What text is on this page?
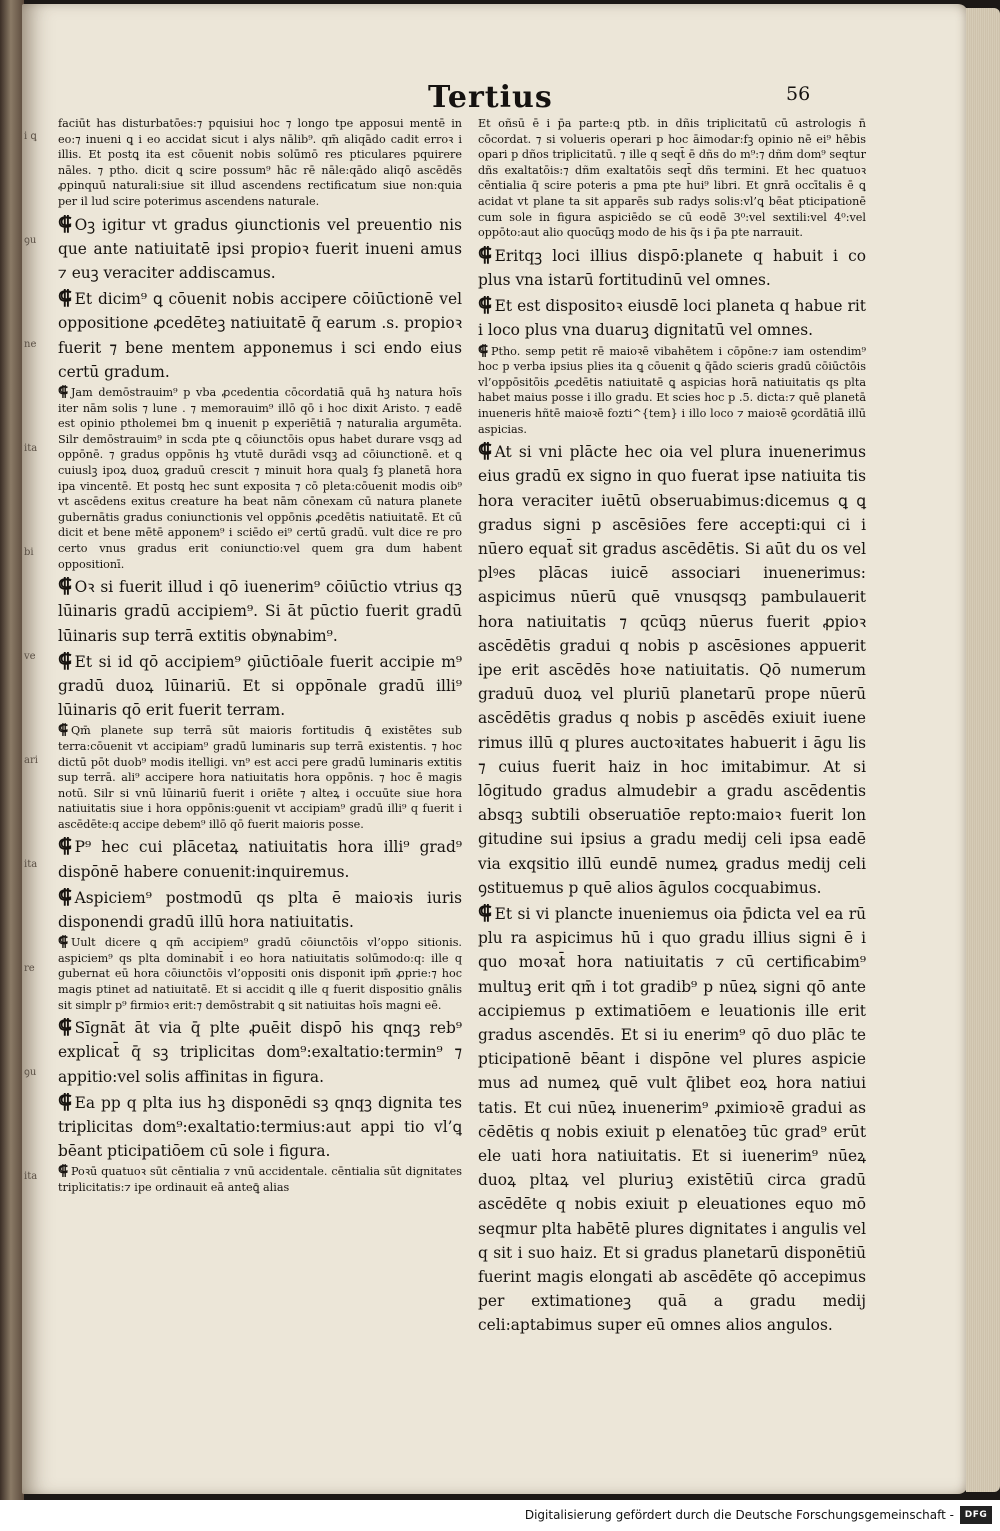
i ꝗ
ꝯu
ne
ita
bi
ve
ari
ita
re
ꝯu
ita
Tertius	56

faciūt has disturbatōes:⁊ pquisiui hoc ⁊ longo tpe apposui mentē in eo:⁊ inueni ꝗ i eo accidat sicut i alys nālib⁹. qm̄ aliqādo cadit erroꝛ i illis. Et postꝗ ita est cōuenit nobis solūmō res pticulares pquirere nāles. ⁊ ptho. dicit ꝗ scire possum⁹ hāc rē nāle:qādo aliqō ascēdēs ꝓpinquū naturali:siue sit illud ascendens rectificatum siue non:quia per il lud scire poterimus ascendens naturale.

⸿ Oꝫ igitur vt gradus ꝯiunctionis vel preuentio nis que ante natiuitatē ipsi propioꝛ fuerit inueni amus ⁊ euꝫ veraciter addiscamus.

⸿ Et dicim⁹ ꝗ cōuenit nobis accipere cōiūctionē vel oppositione ꝓcedēteꝫ natiuitatē q̄ earum .s. propioꝛ fuerit ⁊ bene mentem apponemus i sci endo eius certū gradum.

⸿ Jam demōstrauim⁹ p vba ꝓcedentia cōcordatiā quā hꝫ natura hoīs iter nām solis ⁊ lune . ⁊ memorauim⁹ illō qō i hoc dixit Aristo. ⁊ eadē est opinio ptholemei ƀm ꝗ inuenit p experiētiā ⁊ naturalia argumēta. Silr demōstrauim⁹ in scda pte ꝗ cōiunctōis opus habet durare vsqꝫ ad oppōnē. ⁊ gradus oppōnis hꝫ vtutē durādi vsqꝫ ad cōiunctionē. et ꝗ cuiuslꝫ ipoꝝ duoꝝ graduū crescit ⁊ minuit hora qualꝫ fꝫ planetā hora ipa vincentē. Et postꝗ hec sunt exposita ⁊ cō pleta:cōuenit modis oib⁹ vt ascēdens exitus creature ha beat nām cōnexam cū natura planete gubernātis gradus coniunctionis vel oppōnis ꝓcedētis natiuitatē. Et cū dicit et bene mētē apponem⁹ i sciēdo ei⁹ certū gradū. vult dice re pro certo vnus gradus erit coniunctio:vel quem gra dum habent oppositionī.

⸿ Oꝛ si fuerit illud i qō iuenerim⁹ cōiūctio vtrius qꝫ lūinaris gradū accipiem⁹. Si āt pūctio fuerit gradū lūinaris sup terrā extitis obꝟnabim⁹.

⸿ Et si id qō accipiem⁹ ꝯiūctiōale fuerit accipie m⁹ gradū duoꝝ lūinariū. Et si oppōnale gradū illi⁹ lūinaris qō erit fuerit terram.

⸿ Qm̄ planete sup terrā sūt maioris fortitudis ꝗ̄ existētes sub terra:cōuenit vt accipiam⁹ gradū luminaris sup terrā existentis. ⁊ hoc dictū pōt duob⁹ modis itelligi. vn⁹ est acci pere gradū luminaris extitis sup terrā. ali⁹ accipere hora natiuitatis hora oppōnis. ⁊ hoc ē magis notū. Silr si vnū lūinariū fuerit i oriēte ⁊ alteꝝ i occuūte siue hora natiuitatis siue i hora oppōnis:ꝯuenit vt accipiam⁹ gradū illi⁹ q fuerit i ascēdēte:q accipe debem⁹ illō qō fuerit maioris posse.

⸿ P⁹ hec cui plācetaꝝ natiuitatis hora illi⁹ grad⁹ dispōnē habere conuenit:inquiremus.

⸿ Aspiciem⁹ postmodū qs plta ē maioꝛis iuris disponendi gradū illū hora natiuitatis.

⸿ Uult dicere ꝗ qm̄ accipiem⁹ gradū cōiunctōis vl’oppo sitionis. aspiciem⁹ qs plta dominabit̄ i eo hora natiuitatis solūmodo:q: ille q gubernat eū hora cōiunctōis vl’oppositi onis disponit ipm̄ ꝓprie:⁊ hoc magis ptinet ad natiuitatē. Et si accidit ꝗ ille q fuerit dispositio gnālis sit simplr p⁹ firmioꝛ erit:⁊ demōstrabit ꝗ sit natiuitas hoīs magni eē.

⸿ Sīgnāt āt via q̄ plte ꝓuēit dispō his qnqꝫ reb⁹ explicat̄ q̄ sꝫ triplicitas dom⁹:exaltatio:termin⁹ ⁊ appitio:vel solis affinitas in figura.

⸿ Ea pp q plta ius hꝫ disponēdi sꝫ qnqꝫ dignita tes triplicitas dom⁹:exaltatio:termius:aut appi tio vl’ꝗ bēant pticipatiōem cū sole i figura.

⸿ Poꝛū quatuoꝛ sūt cēntialia ⁊ vnū accidentale. cēntialia sūt dignitates triplicitatis:⁊ ipe ordinauit eā anteꝗ̄ alias

Et oñsū ē i p̄a parte:ꝗ ptb. in dñis triplicitatū cū astrologis n̄ cōcordat. ⁊ si volueris operari p hoc āimodar:fꝫ opinio nē ei⁹ hēbis opari p dños triplicitatū. ⁊ ille q seqt̄ ē dñs do m⁹:⁊ dñm dom⁹ seqtur dñs exaltatōis:⁊ dñm exaltatōis seqt̄ dñs termini. Et hec quatuoꝛ cēntialia q̄ scire poteris a pma pte hui⁹ libri. Et gnrā occītalis ē ꝗ acidat vt plane ta sit apparēs sub radys solis:vl’ꝗ bēat pticipationē cum sole in figura aspiciēdo se cū eodē 3⁰:vel sextili:vel 4⁰:vel oppōto:aut alio quocūqꝫ modo de his q̄s i p̄a pte narrauit.

⸿ Eritqꝫ loci illius dispō:planete q habuit i co plus vna istarū fortitudinū vel omnes.

⸿ Et est dispositoꝛ eiusdē loci planeta q habue rit i loco plus vna duaruꝫ dignitatū vel omnes.

⸿ Ptho. semp petit rē maioꝛē vibahētem i cōpōne:⁊ iam ostendim⁹ hoc p verba ipsius plies ita ꝗ cōuenit ꝗ q̄ādo scieris gradū cōiūctōis vl’oppōsitōis ꝓcedētis natiuitatē ꝗ aspicias horā natiuitatis qs plta habet maius posse i illo gradu. Et scies hoc p .5. dicta:⁊ quē planetā inueneris hñtē maioꝛē fozti^{tem} i illo loco ⁊ maioꝛē ꝯcordātiā illū aspicias.

⸿ At si vni plācte hec oia vel plura inuenerimus eius gradū ex signo in quo fuerat ipse natiuita tis hora veraciter iuētū obseruabimus:dicemus ꝗ ꝗ gradus signi p ascēsiōes fere accepti:qui ci i nūero equat̄ sit gradus ascēdētis. Si aūt du os vel plꝰes plācas iuicē associari inuenerimus: aspicimus nūerū quē vnusqsqꝫ pambulauerit hora natiuitatis ⁊ qcūqꝫ nūerus fuerit ꝓpioꝛ ascēdētis gradui q nobis p ascēsiones appuerit ipe erit ascēdēs hoꝛe natiuitatis. Qō numerum graduū duoꝝ vel pluriū planetarū prope nūerū ascēdētis gradus q nobis p ascēdēs exiuit iuene rimus illū q plures auctoꝛitates habuerit i āgu lis ⁊ cuius fuerit haiz in hoc imitabimur. At si lōgitudo gradus almudebir a gradu ascēdentis absqꝫ subtili obseruatiōe repto:maioꝛ fuerit lon gitudine sui ipsius a gradu medij celi ipsa eadē via exqsitio illū eundē numeꝝ gradus medij celi ꝯstituemus p quē alios āgulos cocquabimus.

⸿ Et si vi plancte inueniemus oia p̄dicta vel ea rū plu ra aspicimus hū i quo gradu illius signi ē i quo moꝛat̄ hora natiuitatis ⁊ cū certificabim⁹ multuꝫ erit qm̄ i tot gradib⁹ p nūeꝝ signi qō ante accipiemus p extimatiōem e leuationis ille erit gradus ascendēs. Et si iu enerim⁹ qō duo plāc te pticipationē bēant i dispōne vel plures aspicie mus ad numeꝝ quē vult q̄libet eoꝝ hora natiui tatis. Et cui nūeꝝ inuenerim⁹ ꝓximioꝛē gradui as cēdētis q nobis exiuit p elenatōeꝫ tūc grad⁹ erūt ele uati hora natiuitatis. Et si iuenerim⁹ nūeꝝ duoꝝ pltaꝝ vel pluriuꝫ existētiū circa gradū ascēdēte q nobis exiuit p eleuationes equo mō seqmur plta habētē plures dignitates i angulis vel q sit i suo haiz. Et si gradus planetarū disponētiū fuerint magis elongati ab ascēdēte qō accepimus per extimationeꝫ quā a gradu medij celi:aptabimus super eū omnes alios angulos.

Digitalisierung gefördert durch die Deutsche Forschungsgemeinschaft -	DFG
